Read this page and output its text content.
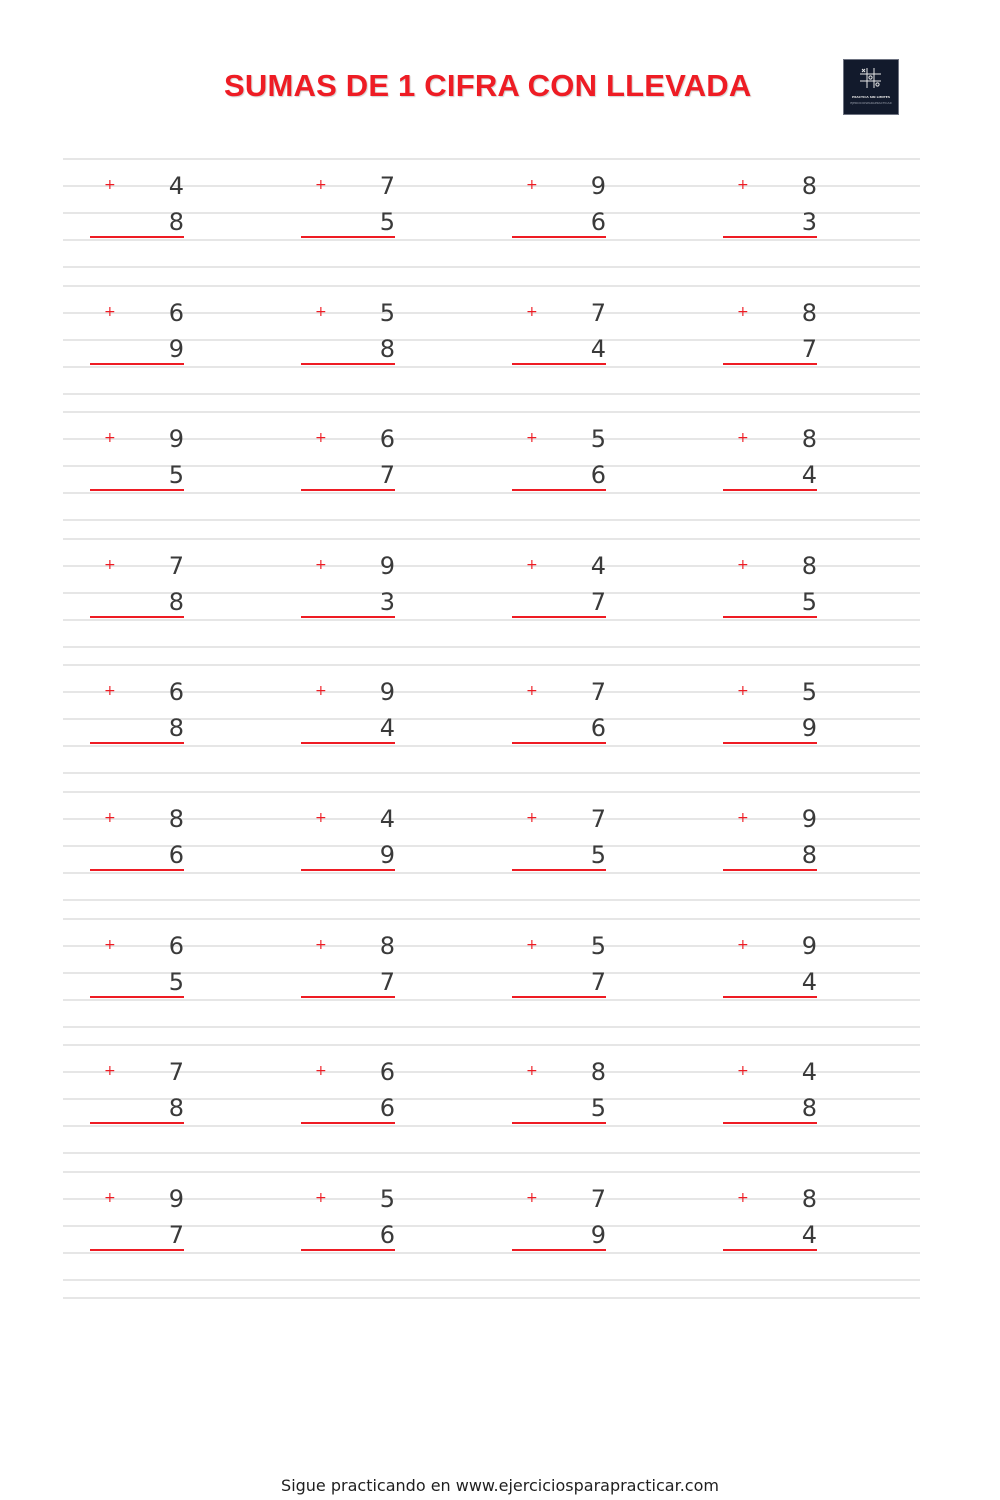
SUMAS DE 1 CIFRA CON LLEVADA	PRÁCTICA SIN LÍMITES
EJERCICIOSPARAPRACTICAR
+	4
8
+	7
5
+	9
6
+	8
3
+	6
9
+	5
8
+	7
4
+	8
7
+	9
5
+	6
7
+	5
6
+	8
4
+	7
8
+	9
3
+	4
7
+	8
5
+	6
8
+	9
4
+	7
6
+	5
9
+	8
6
+	4
9
+	7
5
+	9
8
+	6
5
+	8
7
+	5
7
+	9
4
+	7
8
+	6
6
+	8
5
+	4
8
+	9
7
+	5
6
+	7
9
+	8
4
Sigue practicando en www.ejerciciosparapracticar.com
